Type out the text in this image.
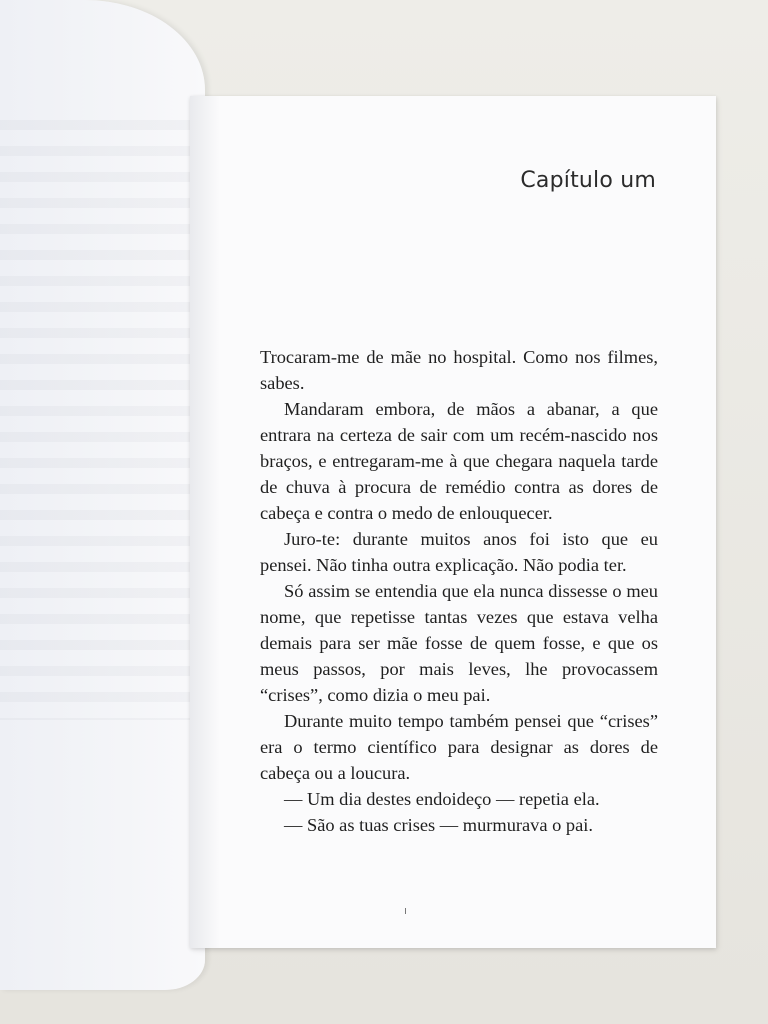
Capítulo um

Trocaram-me de mãe no hospital. Como nos filmes, sabes.

Mandaram embora, de mãos a abanar, a que entrara na certeza de sair com um recém-nascido nos braços, e entregaram-me à que chegara naquela tarde de chuva à procura de remédio contra as dores de cabeça e contra o medo de enlouquecer.

Juro-te: durante muitos anos foi isto que eu pensei. Não tinha outra explicação. Não podia ter.

Só assim se entendia que ela nunca dissesse o meu nome, que repetisse tantas vezes que estava velha demais para ser mãe fosse de quem fosse, e que os meus passos, por mais leves, lhe provocassem “crises”, como dizia o meu pai.

Durante muito tempo também pensei que “crises” era o termo científico para designar as dores de cabeça ou a loucura.

— Um dia destes endoideço — repetia ela.

— São as tuas crises — murmurava o pai.
